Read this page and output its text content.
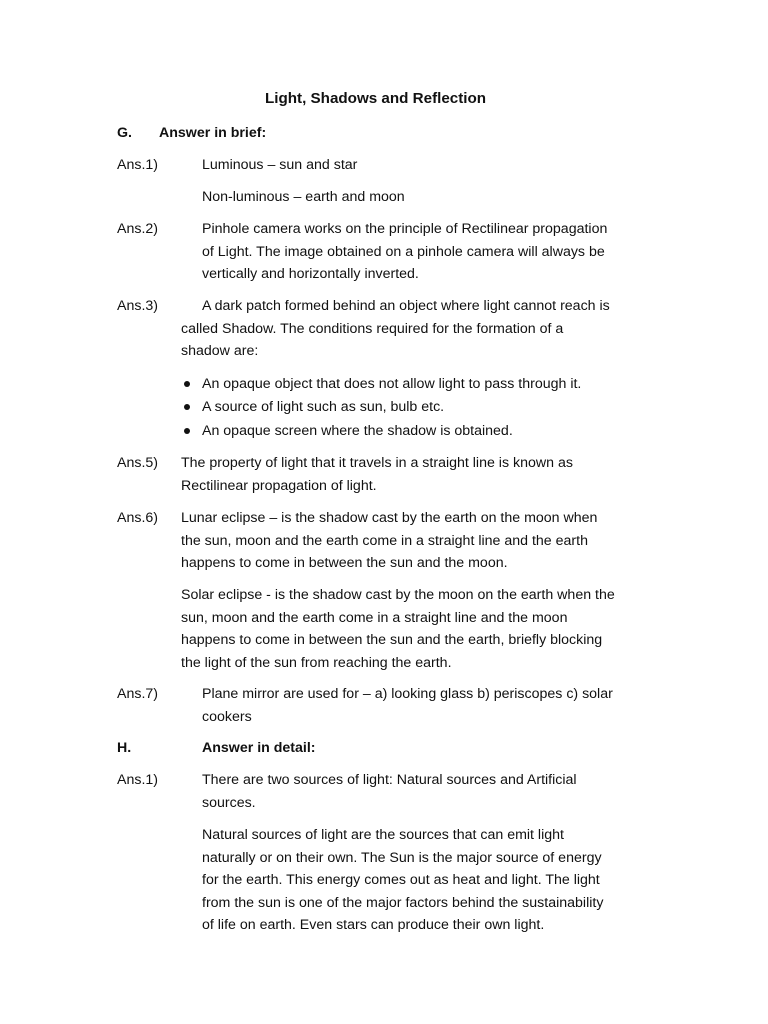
Light, Shadows and Reflection
G. Answer in brief:
Ans.1)	Luminous – sun and star
Non-luminous – earth and moon
Ans.2)	Pinhole camera works on the principle of Rectilinear propagation
of Light. The image obtained on a pinhole camera will always be
vertically and horizontally inverted.
Ans.3)	A dark patch formed behind an object where light cannot reach is
called Shadow. The conditions required for the formation of a
shadow are:
An opaque object that does not allow light to pass through it.
A source of light such as sun, bulb etc.
An opaque screen where the shadow is obtained.
Ans.5) The property of light that it travels in a straight line is known as
Rectilinear propagation of light.
Ans.6) Lunar eclipse – is the shadow cast by the earth on the moon when
the sun, moon and the earth come in a straight line and the earth
happens to come in between the sun and the moon.
Solar eclipse - is the shadow cast by the moon on the earth when the
sun, moon and the earth come in a straight line and the moon
happens to come in between the sun and the earth, briefly blocking
the light of the sun from reaching the earth.
Ans.7)	Plane mirror are used for – a) looking glass b) periscopes c) solar
cookers
H.	Answer in detail:
Ans.1)	There are two sources of light: Natural sources and Artificial
sources.
Natural sources of light are the sources that can emit light
naturally or on their own. The Sun is the major source of energy
for the earth. This energy comes out as heat and light. The light
from the sun is one of the major factors behind the sustainability
of life on earth. Even stars can produce their own light.
